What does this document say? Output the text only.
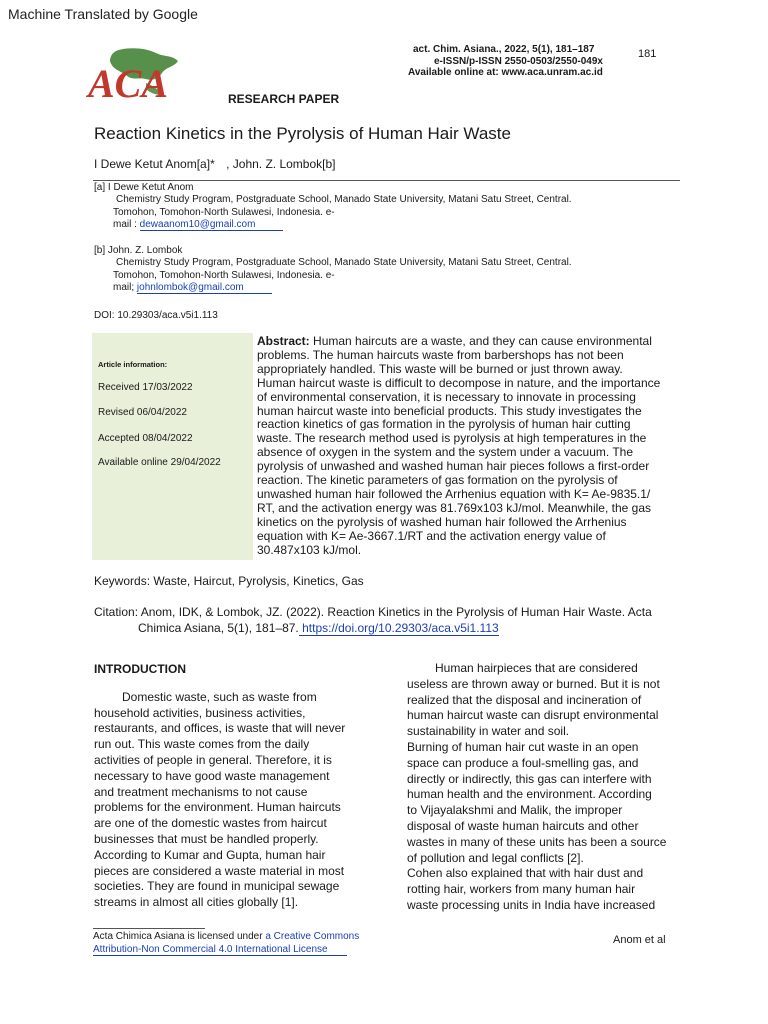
Machine Translated by Google
ACA
act. Chim. Asiana., 2022, 5(1), 181–187
e-ISSN/p-ISSN 2550-0503/2550-049x
Available online at: www.aca.unram.ac.id
181
RESEARCH PAPER
Reaction Kinetics in the Pyrolysis of Human Hair Waste
I Dewe Ketut Anom[a]* , John. Z. Lombok[b]
[a] I Dewe Ketut Anom
Chemistry Study Program, Postgraduate School, Manado State University, Matani Satu Street, Central.
Tomohon, Tomohon-North Sulawesi, Indonesia. e-
mail : dewaanom10@gmail.com
[b] John. Z. Lombok
Chemistry Study Program, Postgraduate School, Manado State University, Matani Satu Street, Central.
Tomohon, Tomohon-North Sulawesi, Indonesia. e-
mail; johnlombok@gmail.com
DOI: 10.29303/aca.v5i1.113
Article information:
Received 17/03/2022
Revised 06/04/2022
Accepted 08/04/2022
Available online 29/04/2022
Abstract: Human haircuts are a waste, and they can cause environmental
problems. The human haircuts waste from barbershops has not been
appropriately handled. This waste will be burned or just thrown away.
Human haircut waste is difficult to decompose in nature, and the importance
of environmental conservation, it is necessary to innovate in processing
human haircut waste into beneficial products. This study investigates the
reaction kinetics of gas formation in the pyrolysis of human hair cutting
waste. The research method used is pyrolysis at high temperatures in the
absence of oxygen in the system and the system under a vacuum. The
pyrolysis of unwashed and washed human hair pieces follows a first-order
reaction. The kinetic parameters of gas formation on the pyrolysis of
unwashed human hair followed the Arrhenius equation with K= Ae-9835.1/
RT, and the activation energy was 81.769x103 kJ/mol. Meanwhile, the gas
kinetics on the pyrolysis of washed human hair followed the Arrhenius
equation with K= Ae-3667.1/RT and the activation energy value of
30.487x103 kJ/mol.
Keywords: Waste, Haircut, Pyrolysis, Kinetics, Gas
Citation: Anom, IDK, & Lombok, JZ. (2022). Reaction Kinetics in the Pyrolysis of Human Hair Waste. Acta
Chimica Asiana, 5(1), 181–87. https://doi.org/10.29303/aca.v5i1.113
INTRODUCTION
Domestic waste, such as waste from
household activities, business activities,
restaurants, and offices, is waste that will never
run out. This waste comes from the daily
activities of people in general. Therefore, it is
necessary to have good waste management
and treatment mechanisms to not cause
problems for the environment. Human haircuts
are one of the domestic wastes from haircut
businesses that must be handled properly.
According to Kumar and Gupta, human hair
pieces are considered a waste material in most
societies. They are found in municipal sewage
streams in almost all cities globally [1].
Human hairpieces that are considered
useless are thrown away or burned. But it is not
realized that the disposal and incineration of
human haircut waste can disrupt environmental
sustainability in water and soil.
Burning of human hair cut waste in an open
space can produce a foul-smelling gas, and
directly or indirectly, this gas can interfere with
human health and the environment. According
to Vijayalakshmi and Malik, the improper
disposal of waste human haircuts and other
wastes in many of these units has been a source
of pollution and legal conflicts [2].
Cohen also explained that with hair dust and
rotting hair, workers from many human hair
waste processing units in India have increased
Acta Chimica Asiana is licensed under a Creative Commons
Attribution-Non Commercial 4.0 International License
Anom et al
